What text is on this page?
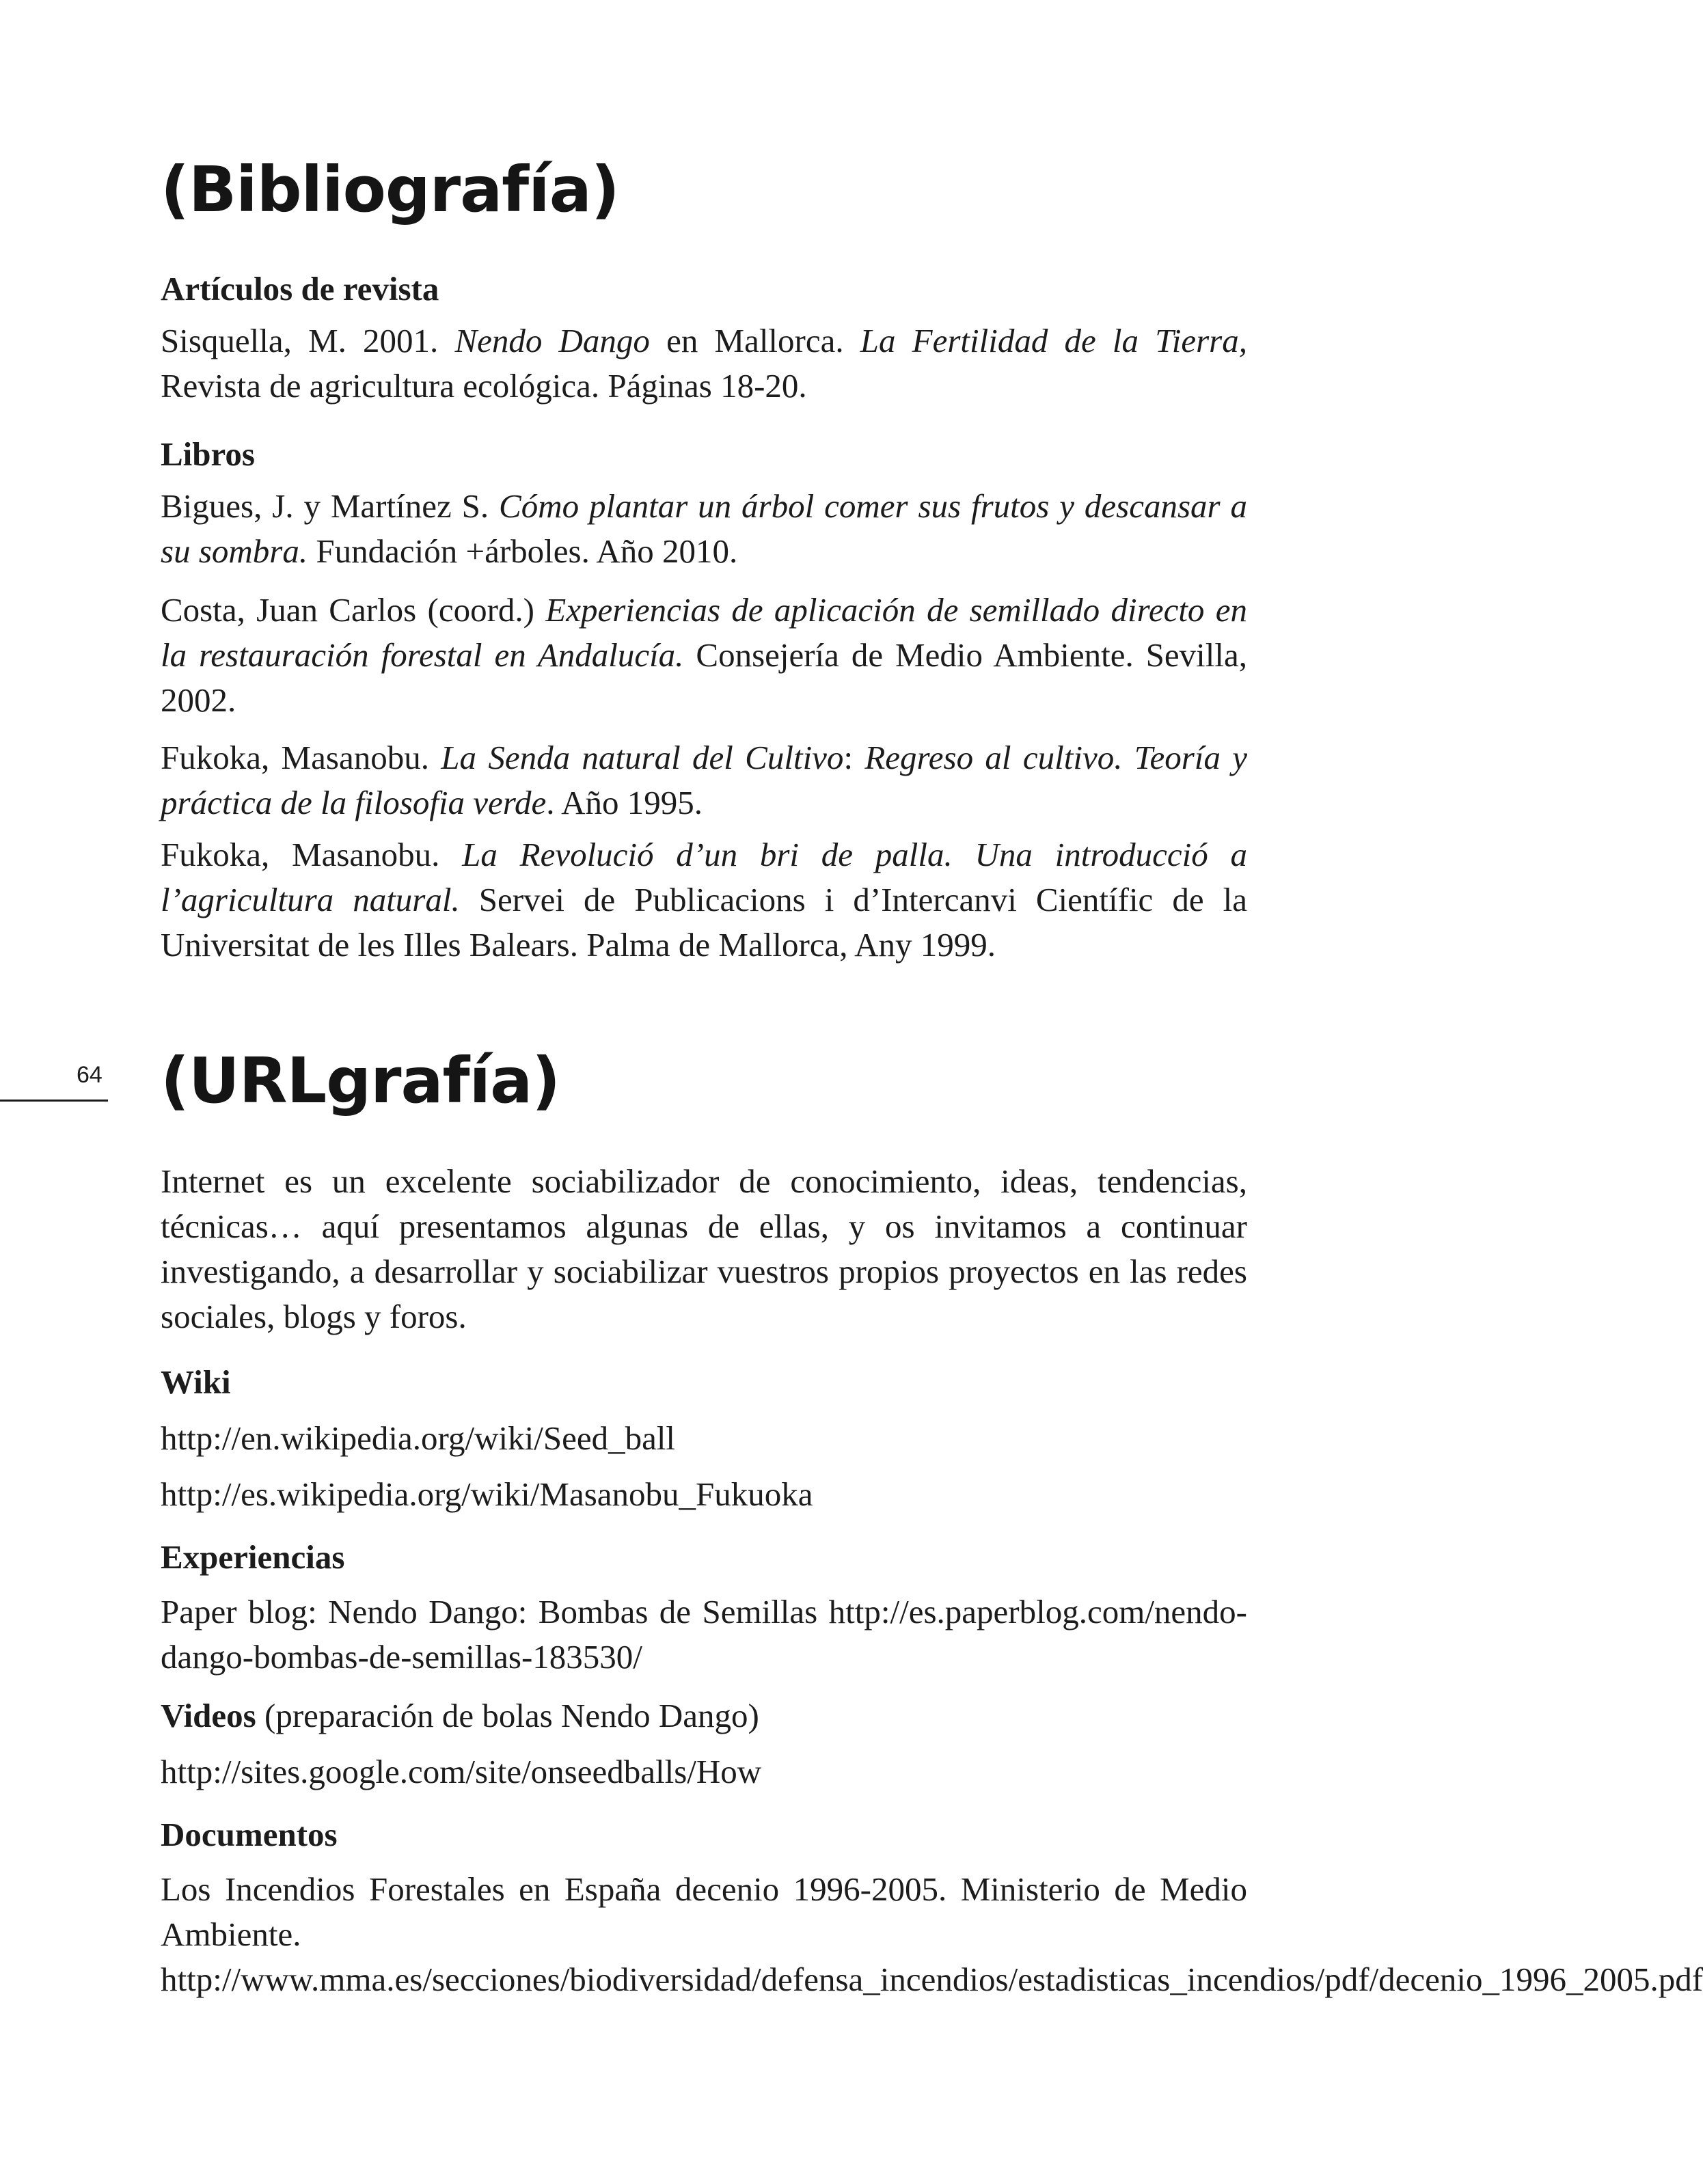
(Bibliografía)

Artículos de revista

Sisquella, M. 2001. Nendo Dango en Mallorca. La Fertilidad de la Tierra, Revista de agricultura ecológica. Páginas 18-20.

Libros

Bigues, J. y Martínez S. Cómo plantar un árbol comer sus frutos y descansar a su sombra. Fundación +árboles. Año 2010.

Costa, Juan Carlos (coord.) Experiencias de aplicación de semillado directo en la restauración forestal en Andalucía. Consejería de Medio Ambiente. Sevilla, 2002.

Fukoka, Masanobu. La Senda natural del Cultivo: Regreso al cultivo. Teoría y práctica de la filosofia verde. Año 1995.

Fukoka, Masanobu. La Revolució d’un bri de palla. Una introducció a l’agricultura natural. Servei de Publicacions i d’Intercanvi Científic de la Universitat de les Illes Balears. Palma de Mallorca, Any 1999.

(URLgrafía)

Internet es un excelente sociabilizador de conocimiento, ideas, tendencias, técnicas… aquí presentamos algunas de ellas, y os invitamos a continuar investigando, a desarrollar y sociabilizar vuestros propios proyectos en las redes sociales, blogs y foros.

Wiki

http://en.wikipedia.org/wiki/Seed_ball

http://es.wikipedia.org/wiki/Masanobu_Fukuoka

Experiencias

Paper blog: Nendo Dango: Bombas de Semillas http://es.paperblog.com/nendo-dango-bombas-de-semillas-183530/

Videos (preparación de bolas Nendo Dango)

http://sites.google.com/site/onseedballs/How

Documentos

Los Incendios Forestales en España decenio 1996-2005. Ministerio de Medio Ambiente. http://www.mma.es/secciones/biodiversidad/defensa_incendios/estadisticas_incendios/pdf/decenio_1996_2005.pdf

64
